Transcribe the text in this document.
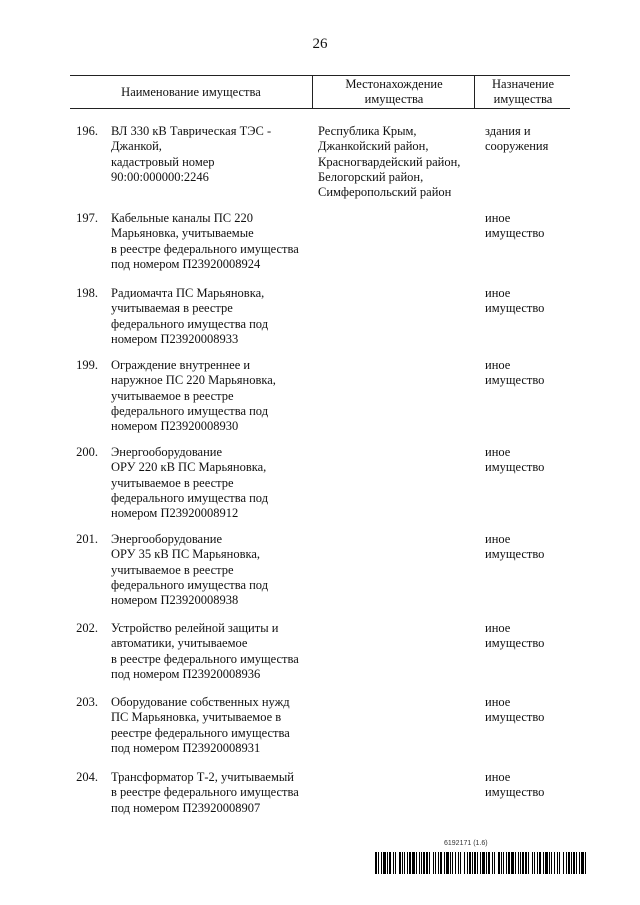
26
Наименование имущества
Местонахождение
имущества
Назначение
имущества
196. ВЛ 330 кВ Таврическая ТЭС -
Джанкой,
кадастровый номер
90:00:000000:2246
Республика Крым,
Джанкойский район,
Красногвардейский район,
Белогорский район,
Симферопольский район
здания и
сооружения
197. Кабельные каналы ПС 220
Марьяновка, учитываемые
в реестре федерального имущества
под номером П23920008924
иное
имущество
198. Радиомачта ПС Марьяновка,
учитываемая в реестре
федерального имущества под
номером П23920008933
иное
имущество
199. Ограждение внутреннее и
наружное ПС 220 Марьяновка,
учитываемое в реестре
федерального имущества под
номером П23920008930
иное
имущество
200. Энергооборудование
ОРУ 220 кВ ПС Марьяновка,
учитываемое в реестре
федерального имущества под
номером П23920008912
иное
имущество
201. Энергооборудование
ОРУ 35 кВ ПС Марьяновка,
учитываемое в реестре
федерального имущества под
номером П23920008938
иное
имущество
202. Устройство релейной защиты и
автоматики, учитываемое
в реестре федерального имущества
под номером П23920008936
иное
имущество
203. Оборудование собственных нужд
ПС Марьяновка, учитываемое в
реестре федерального имущества
под номером П23920008931
иное
имущество
204. Трансформатор Т-2, учитываемый
в реестре федерального имущества
под номером П23920008907
иное
имущество
6192171 (1.6)
